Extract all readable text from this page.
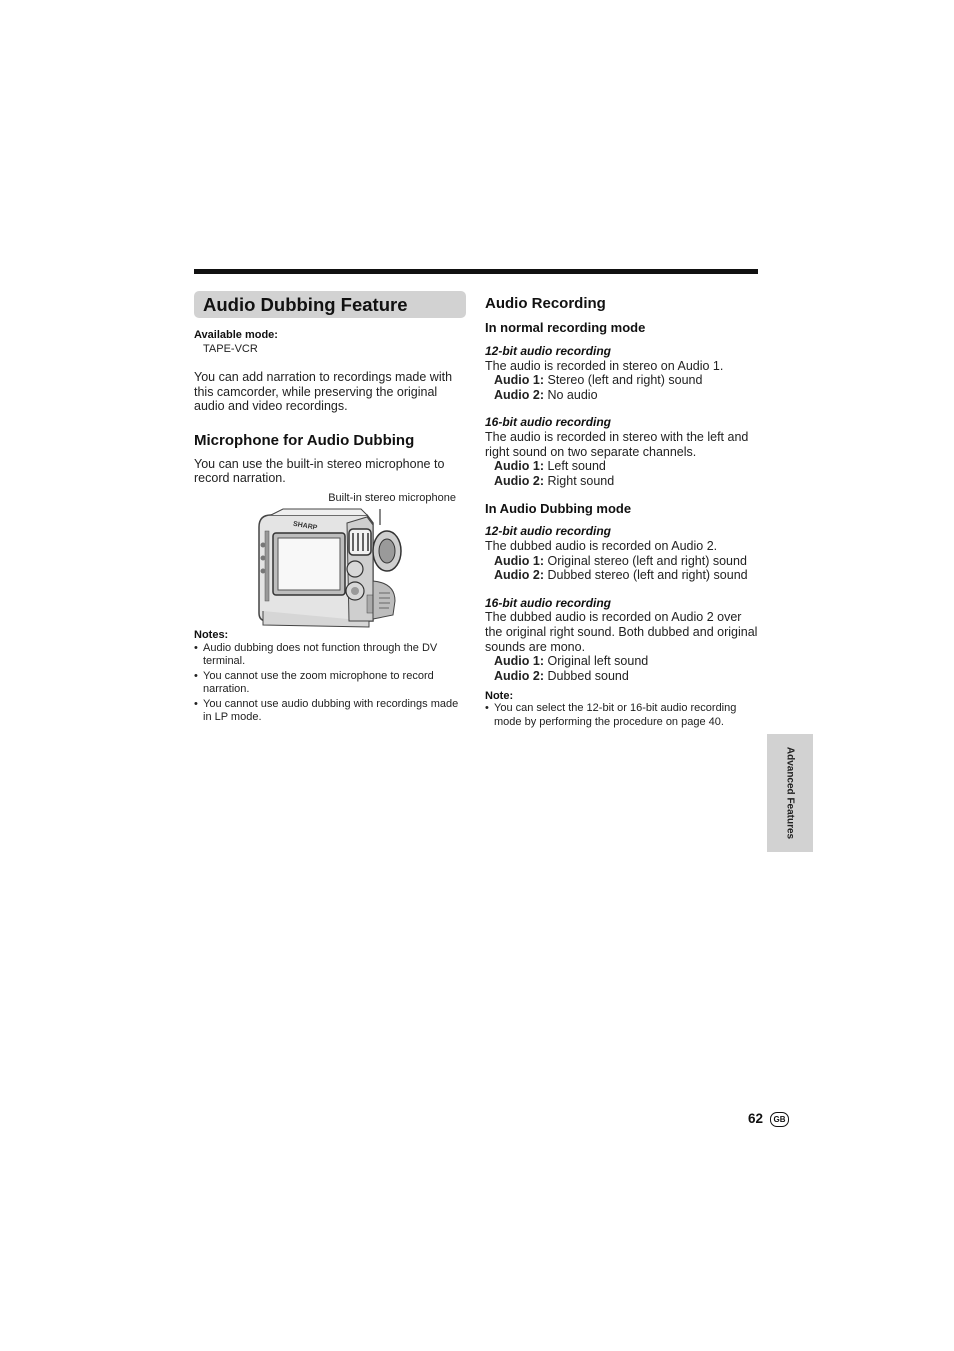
Audio Dubbing Feature
Available mode:
TAPE-VCR
You can add narration to recordings made with this camcorder, while preserving the original audio and video recordings.
Microphone for Audio Dubbing
You can use the built-in stereo microphone to record narration.
Built-in stereo microphone
SHARP
Notes:
• Audio dubbing does not function through the DV terminal.
• You cannot use the zoom microphone to record narration.
• You cannot use audio dubbing with recordings made in LP mode.
Audio Recording
In normal recording mode
12-bit audio recording
The audio is recorded in stereo on Audio 1.
Audio 1: Stereo (left and right) sound
Audio 2: No audio
16-bit audio recording
The audio is recorded in stereo with the left and right sound on two separate channels.
Audio 1: Left sound
Audio 2: Right sound
In Audio Dubbing mode
12-bit audio recording
The dubbed audio is recorded on Audio 2.
Audio 1: Original stereo (left and right) sound
Audio 2: Dubbed stereo (left and right) sound
16-bit audio recording
The dubbed audio is recorded on Audio 2 over the original right sound. Both dubbed and original sounds are mono.
Audio 1: Original left sound
Audio 2: Dubbed sound
Note:
• You can select the 12-bit or 16-bit audio recording mode by performing the procedure on page 40.
Advanced Features
62	GB
